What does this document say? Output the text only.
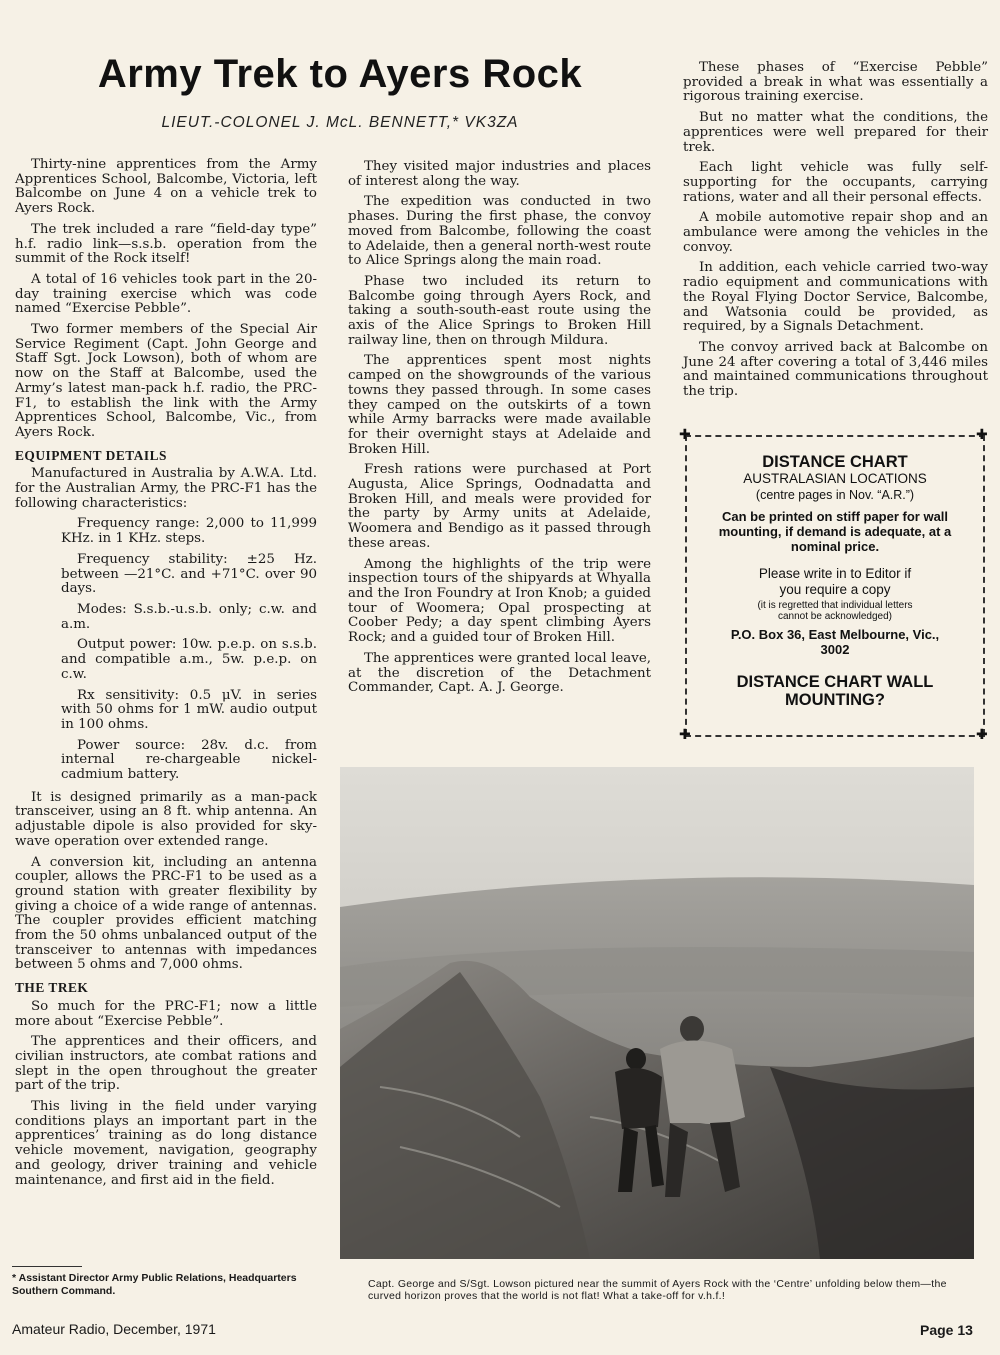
Army Trek to Ayers Rock
LIEUT.-COLONEL J. McL. BENNETT,* VK3ZA

Thirty-nine apprentices from the Army Apprentices School, Balcombe, Victoria, left Balcombe on June 4 on a vehicle trek to Ayers Rock.

The trek included a rare “field-day type” h.f. radio link—s.s.b. operation from the summit of the Rock itself!

A total of 16 vehicles took part in the 20-day training exercise which was code named “Exercise Pebble”.

Two former members of the Special Air Service Regiment (Capt. John George and Staff Sgt. Jock Lowson), both of whom are now on the Staff at Balcombe, used the Army’s latest man-pack h.f. radio, the PRC-F1, to establish the link with the Army Apprentices School, Balcombe, Vic., from Ayers Rock.

EQUIPMENT DETAILS

Manufactured in Australia by A.W.A. Ltd. for the Australian Army, the PRC-F1 has the following characteristics:

Frequency range: 2,000 to 11,999 KHz. in 1 KHz. steps.

Frequency stability: ±25 Hz. between —21°C. and +71°C. over 90 days.

Modes: S.s.b.-u.s.b. only; c.w. and a.m.

Output power: 10w. p.e.p. on s.s.b. and compatible a.m., 5w. p.e.p. on c.w.

Rx sensitivity: 0.5 μV. in series with 50 ohms for 1 mW. audio output in 100 ohms.

Power source: 28v. d.c. from internal re-chargeable nickel-cadmium battery.

It is designed primarily as a man-pack transceiver, using an 8 ft. whip antenna. An adjustable dipole is also provided for sky-wave operation over extended range.

A conversion kit, including an antenna coupler, allows the PRC-F1 to be used as a ground station with greater flexibility by giving a choice of a wide range of antennas. The coupler provides efficient matching from the 50 ohms unbalanced output of the transceiver to antennas with impedances between 5 ohms and 7,000 ohms.

THE TREK

So much for the PRC-F1; now a little more about “Exercise Pebble”.

The apprentices and their officers, and civilian instructors, ate combat rations and slept in the open throughout the greater part of the trip.

This living in the field under varying conditions plays an important part in the apprentices’ training as do long distance vehicle movement, navigation, geography and geology, driver training and vehicle maintenance, and first aid in the field.

* Assistant Director Army Public Relations, Headquarters Southern Command.

They visited major industries and places of interest along the way.

The expedition was conducted in two phases. During the first phase, the convoy moved from Balcombe, following the coast to Adelaide, then a general north-west route to Alice Springs along the main road.

Phase two included its return to Balcombe going through Ayers Rock, and taking a south-south-east route using the axis of the Alice Springs to Broken Hill railway line, then on through Mildura.

The apprentices spent most nights camped on the showgrounds of the various towns they passed through. In some cases they camped on the outskirts of a town while Army barracks were made available for their overnight stays at Adelaide and Broken Hill.

Fresh rations were purchased at Port Augusta, Alice Springs, Oodnadatta and Broken Hill, and meals were provided for the party by Army units at Adelaide, Woomera and Bendigo as it passed through these areas.

Among the highlights of the trip were inspection tours of the shipyards at Whyalla and the Iron Foundry at Iron Knob; a guided tour of Woomera; Opal prospecting at Coober Pedy; a day spent climbing Ayers Rock; and a guided tour of Broken Hill.

The apprentices were granted local leave, at the discretion of the Detachment Commander, Capt. A. J. George.

These phases of “Exercise Pebble” provided a break in what was essentially a rigorous training exercise.

But no matter what the conditions, the apprentices were well prepared for their trek.

Each light vehicle was fully self-supporting for the occupants, carrying rations, water and all their personal effects.

A mobile automotive repair shop and an ambulance were among the vehicles in the convoy.

In addition, each vehicle carried two-way radio equipment and communications with the Royal Flying Doctor Service, Balcombe, and Watsonia could be provided, as required, by a Signals Detachment.

The convoy arrived back at Balcombe on June 24 after covering a total of 3,446 miles and maintained communications throughout the trip.

✚	✚
✚	✚
DISTANCE CHART
AUSTRALASIAN LOCATIONS
(centre pages in Nov. “A.R.”)
Can be printed on stiff paper for wall mounting, if demand is adequate, at a nominal price.
Please write in to Editor if you require a copy
(it is regretted that individual letters cannot be acknowledged)
P.O. Box 36, East Melbourne, Vic., 3002
DISTANCE CHART WALL MOUNTING?
Capt. George and S/Sgt. Lowson pictured near the summit of Ayers Rock with the ‘Centre’ unfolding below them—the curved horizon proves that the world is not flat! What a take-off for v.h.f.!
Amateur Radio, December, 1971	Page 13
